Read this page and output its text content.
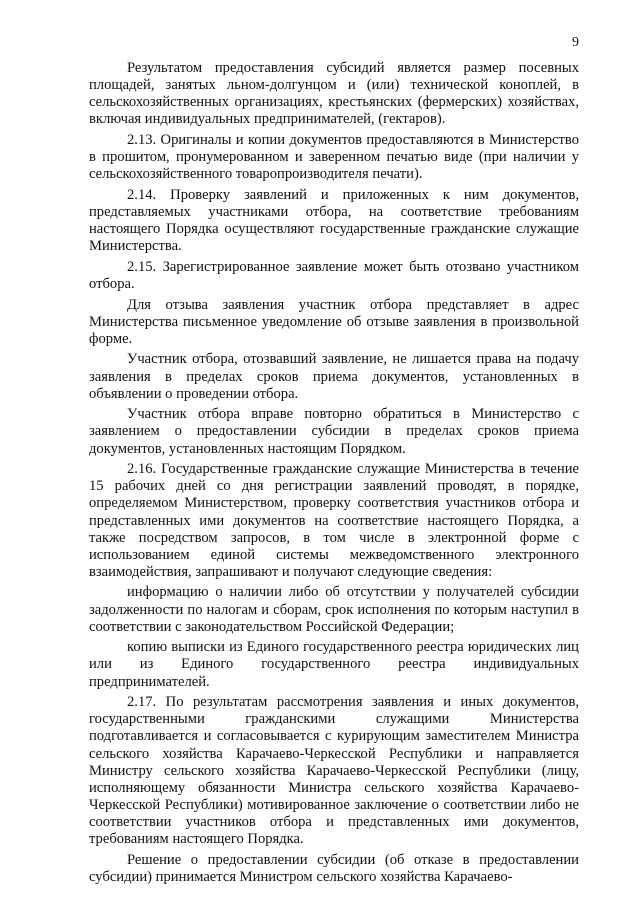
9

Результатом предоставления субсидий является размер посевных площадей, занятых льном-долгунцом и (или) технической коноплей, в сельскохозяйственных организациях, крестьянских (фермерских) хозяйствах, включая индивидуальных предпринимателей, (гектаров).

2.13. Оригиналы и копии документов предоставляются в Министерство в прошитом, пронумерованном и заверенном печатью виде (при наличии у сельскохозяйственного товаропроизводителя печати).

2.14. Проверку заявлений и приложенных к ним документов, представляемых участниками отбора, на соответствие требованиям настоящего Порядка осуществляют государственные гражданские служащие Министерства.

2.15. Зарегистрированное заявление может быть отозвано участником отбора.

Для отзыва заявления участник отбора представляет в адрес Министерства письменное уведомление об отзыве заявления в произвольной форме.

Участник отбора, отозвавший заявление, не лишается права на подачу заявления в пределах сроков приема документов, установленных в объявлении о проведении отбора.

Участник отбора вправе повторно обратиться в Министерство с заявлением о предоставлении субсидии в пределах сроков приема документов, установленных настоящим Порядком.

2.16. Государственные гражданские служащие Министерства в течение 15 рабочих дней со дня регистрации заявлений проводят, в порядке, определяемом Министерством, проверку соответствия участников отбора и представленных ими документов на соответствие настоящего Порядка, а также посредством запросов, в том числе в электронной форме с использованием единой системы межведомственного электронного взаимодействия, запрашивают и получают следующие сведения:

информацию о наличии либо об отсутствии у получателей субсидии задолженности по налогам и сборам, срок исполнения по которым наступил в соответствии с законодательством Российской Федерации;

копию выписки из Единого государственного реестра юридических лиц или из Единого государственного реестра индивидуальных предпринимателей.

2.17. По результатам рассмотрения заявления и иных документов, государственными гражданскими служащими Министерства подготавливается и согласовывается с курирующим заместителем Министра сельского хозяйства Карачаево-Черкесской Республики и направляется Министру сельского хозяйства Карачаево-Черкесской Республики (лицу, исполняющему обязанности Министра сельского хозяйства Карачаево-Черкесской Республики) мотивированное заключение о соответствии либо не соответствии участников отбора и представленных ими документов, требованиям настоящего Порядка.

Решение о предоставлении субсидии (об отказе в предоставлении субсидии) принимается Министром сельского хозяйства Карачаево-
